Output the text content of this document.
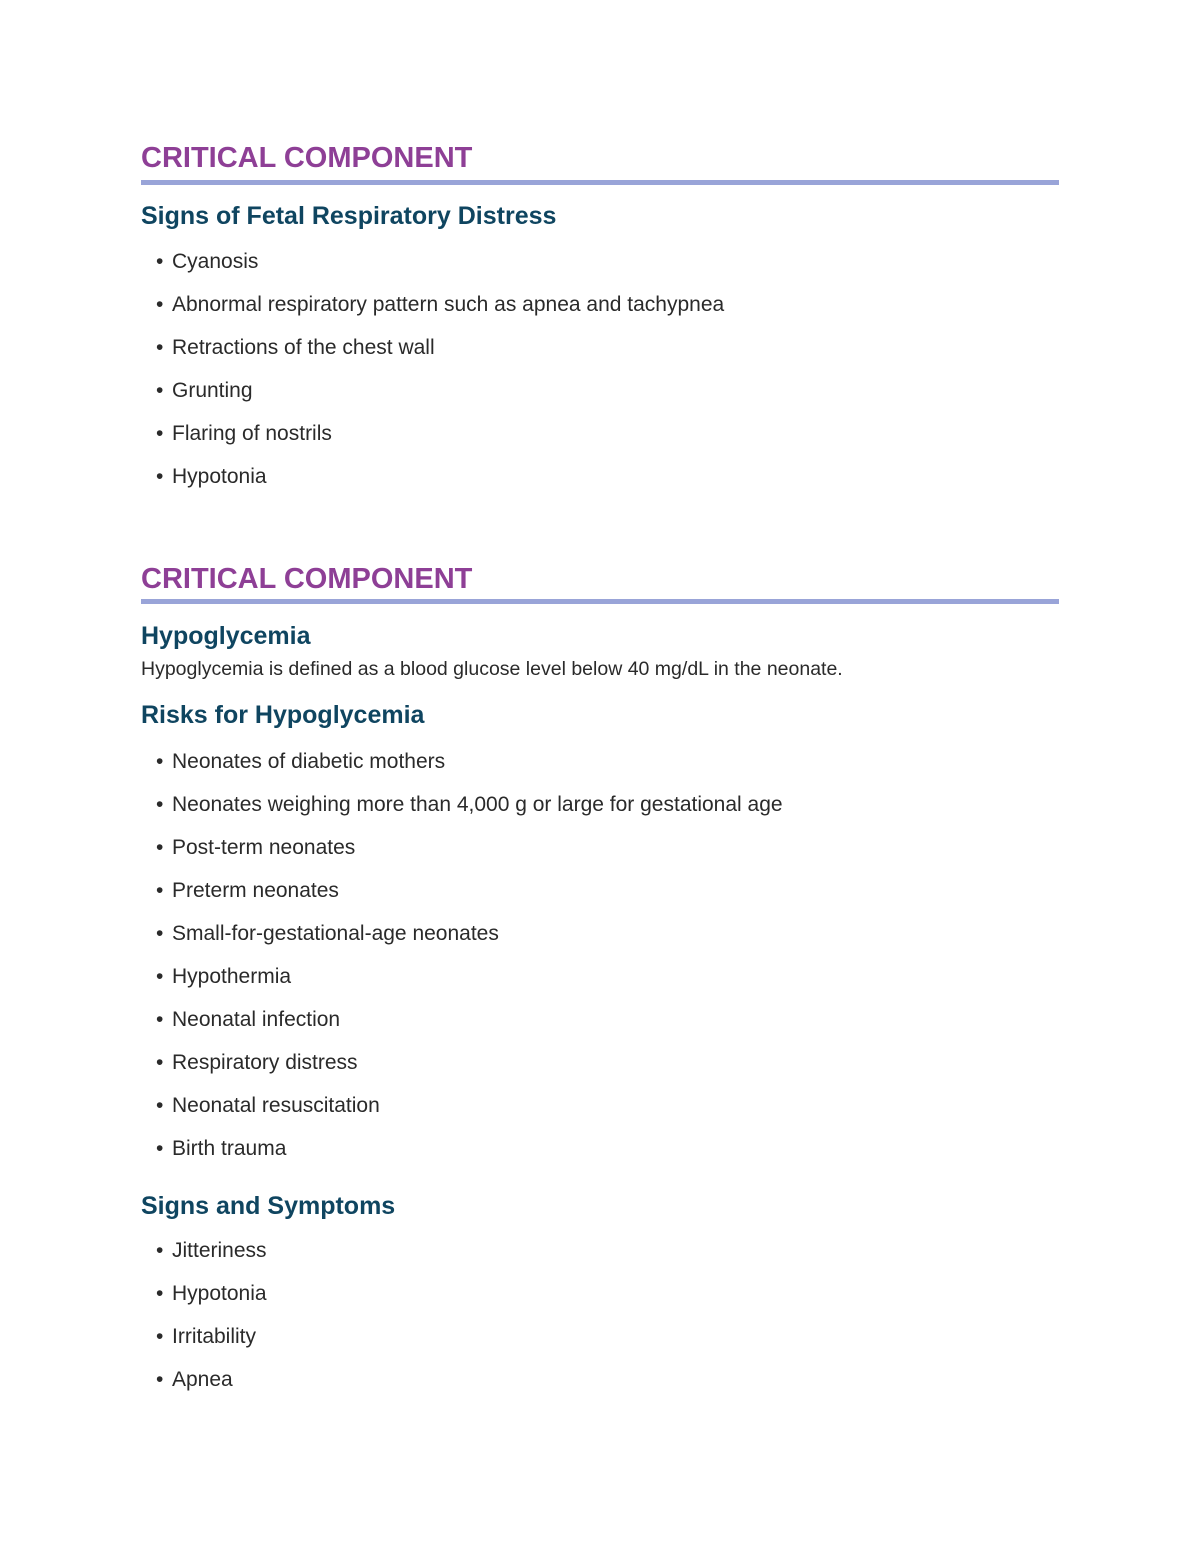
CRITICAL COMPONENT
Signs of Fetal Respiratory Distress
• Cyanosis
• Abnormal respiratory pattern such as apnea and tachypnea
• Retractions of the chest wall
• Grunting
• Flaring of nostrils
• Hypotonia
CRITICAL COMPONENT
Hypoglycemia
Hypoglycemia is defined as a blood glucose level below 40 mg/dL in the neonate.
Risks for Hypoglycemia
• Neonates of diabetic mothers
• Neonates weighing more than 4,000 g or large for gestational age
• Post-term neonates
• Preterm neonates
• Small-for-gestational-age neonates
• Hypothermia
• Neonatal infection
• Respiratory distress
• Neonatal resuscitation
• Birth trauma
Signs and Symptoms
• Jitteriness
• Hypotonia
• Irritability
• Apnea
